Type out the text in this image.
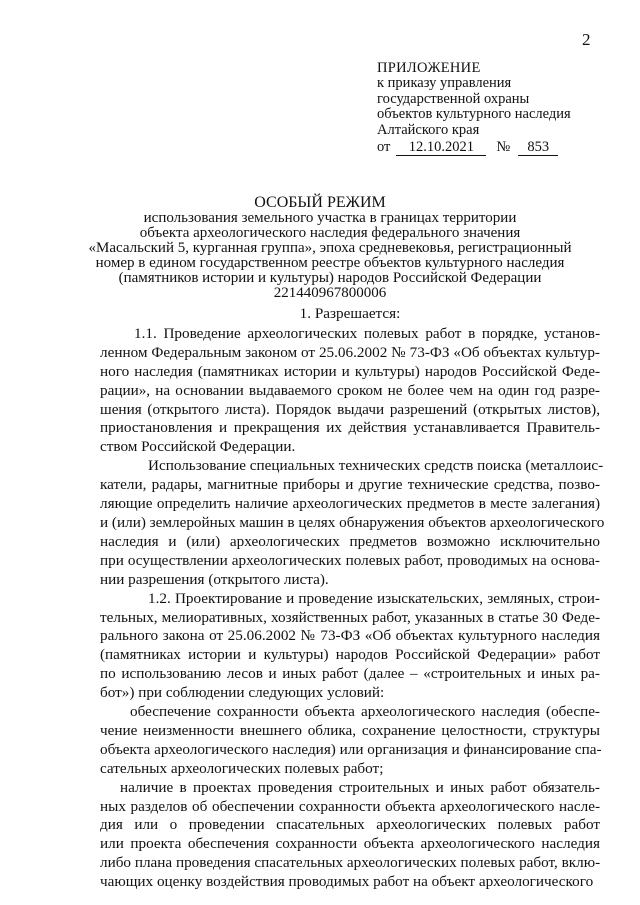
2
ПРИЛОЖЕНИЕ
к приказу управления
государственной охраны
объектов культурного наследия
Алтайского края
от 12.10.2021 № 853
ОСОБЫЙ РЕЖИМ
использования земельного участка в границах территории
объекта археологического наследия федерального значения
«Масальский 5, курганная группа», эпоха средневековья, регистрационный
номер в едином государственном реестре объектов культурного наследия
(памятников истории и культуры) народов Российской Федерации
221440967800006
1. Разрешается:
1.1. Проведение археологических полевых работ в порядке, установ-
ленном Федеральным законом от 25.06.2002 № 73-ФЗ «Об объектах культур-
ного наследия (памятниках истории и культуры) народов Российской Феде-
рации», на основании выдаваемого сроком не более чем на один год разре-
шения (открытого листа). Порядок выдачи разрешений (открытых листов),
приостановления и прекращения их действия устанавливается Правитель-
ством Российской Федерации.
Использование специальных технических средств поиска (металлоис-
катели, радары, магнитные приборы и другие технические средства, позво-
ляющие определить наличие археологических предметов в месте залегания)
и (или) землеройных машин в целях обнаружения объектов археологического
наследия и (или) археологических предметов возможно исключительно
при осуществлении археологических полевых работ, проводимых на основа-
нии разрешения (открытого листа).
1.2. Проектирование и проведение изыскательских, земляных, строи-
тельных, мелиоративных, хозяйственных работ, указанных в статье 30 Феде-
рального закона от 25.06.2002 № 73-ФЗ «Об объектах культурного наследия
(памятниках истории и культуры) народов Российской Федерации» работ
по использованию лесов и иных работ (далее – «строительных и иных ра-
бот») при соблюдении следующих условий:
обеспечение сохранности объекта археологического наследия (обеспе-
чение неизменности внешнего облика, сохранение целостности, структуры
объекта археологического наследия) или организация и финансирование спа-
сательных археологических полевых работ;
наличие в проектах проведения строительных и иных работ обязатель-
ных разделов об обеспечении сохранности объекта археологического насле-
дия или о проведении спасательных археологических полевых работ
или проекта обеспечения сохранности объекта археологического наследия
либо плана проведения спасательных археологических полевых работ, вклю-
чающих оценку воздействия проводимых работ на объект археологического
